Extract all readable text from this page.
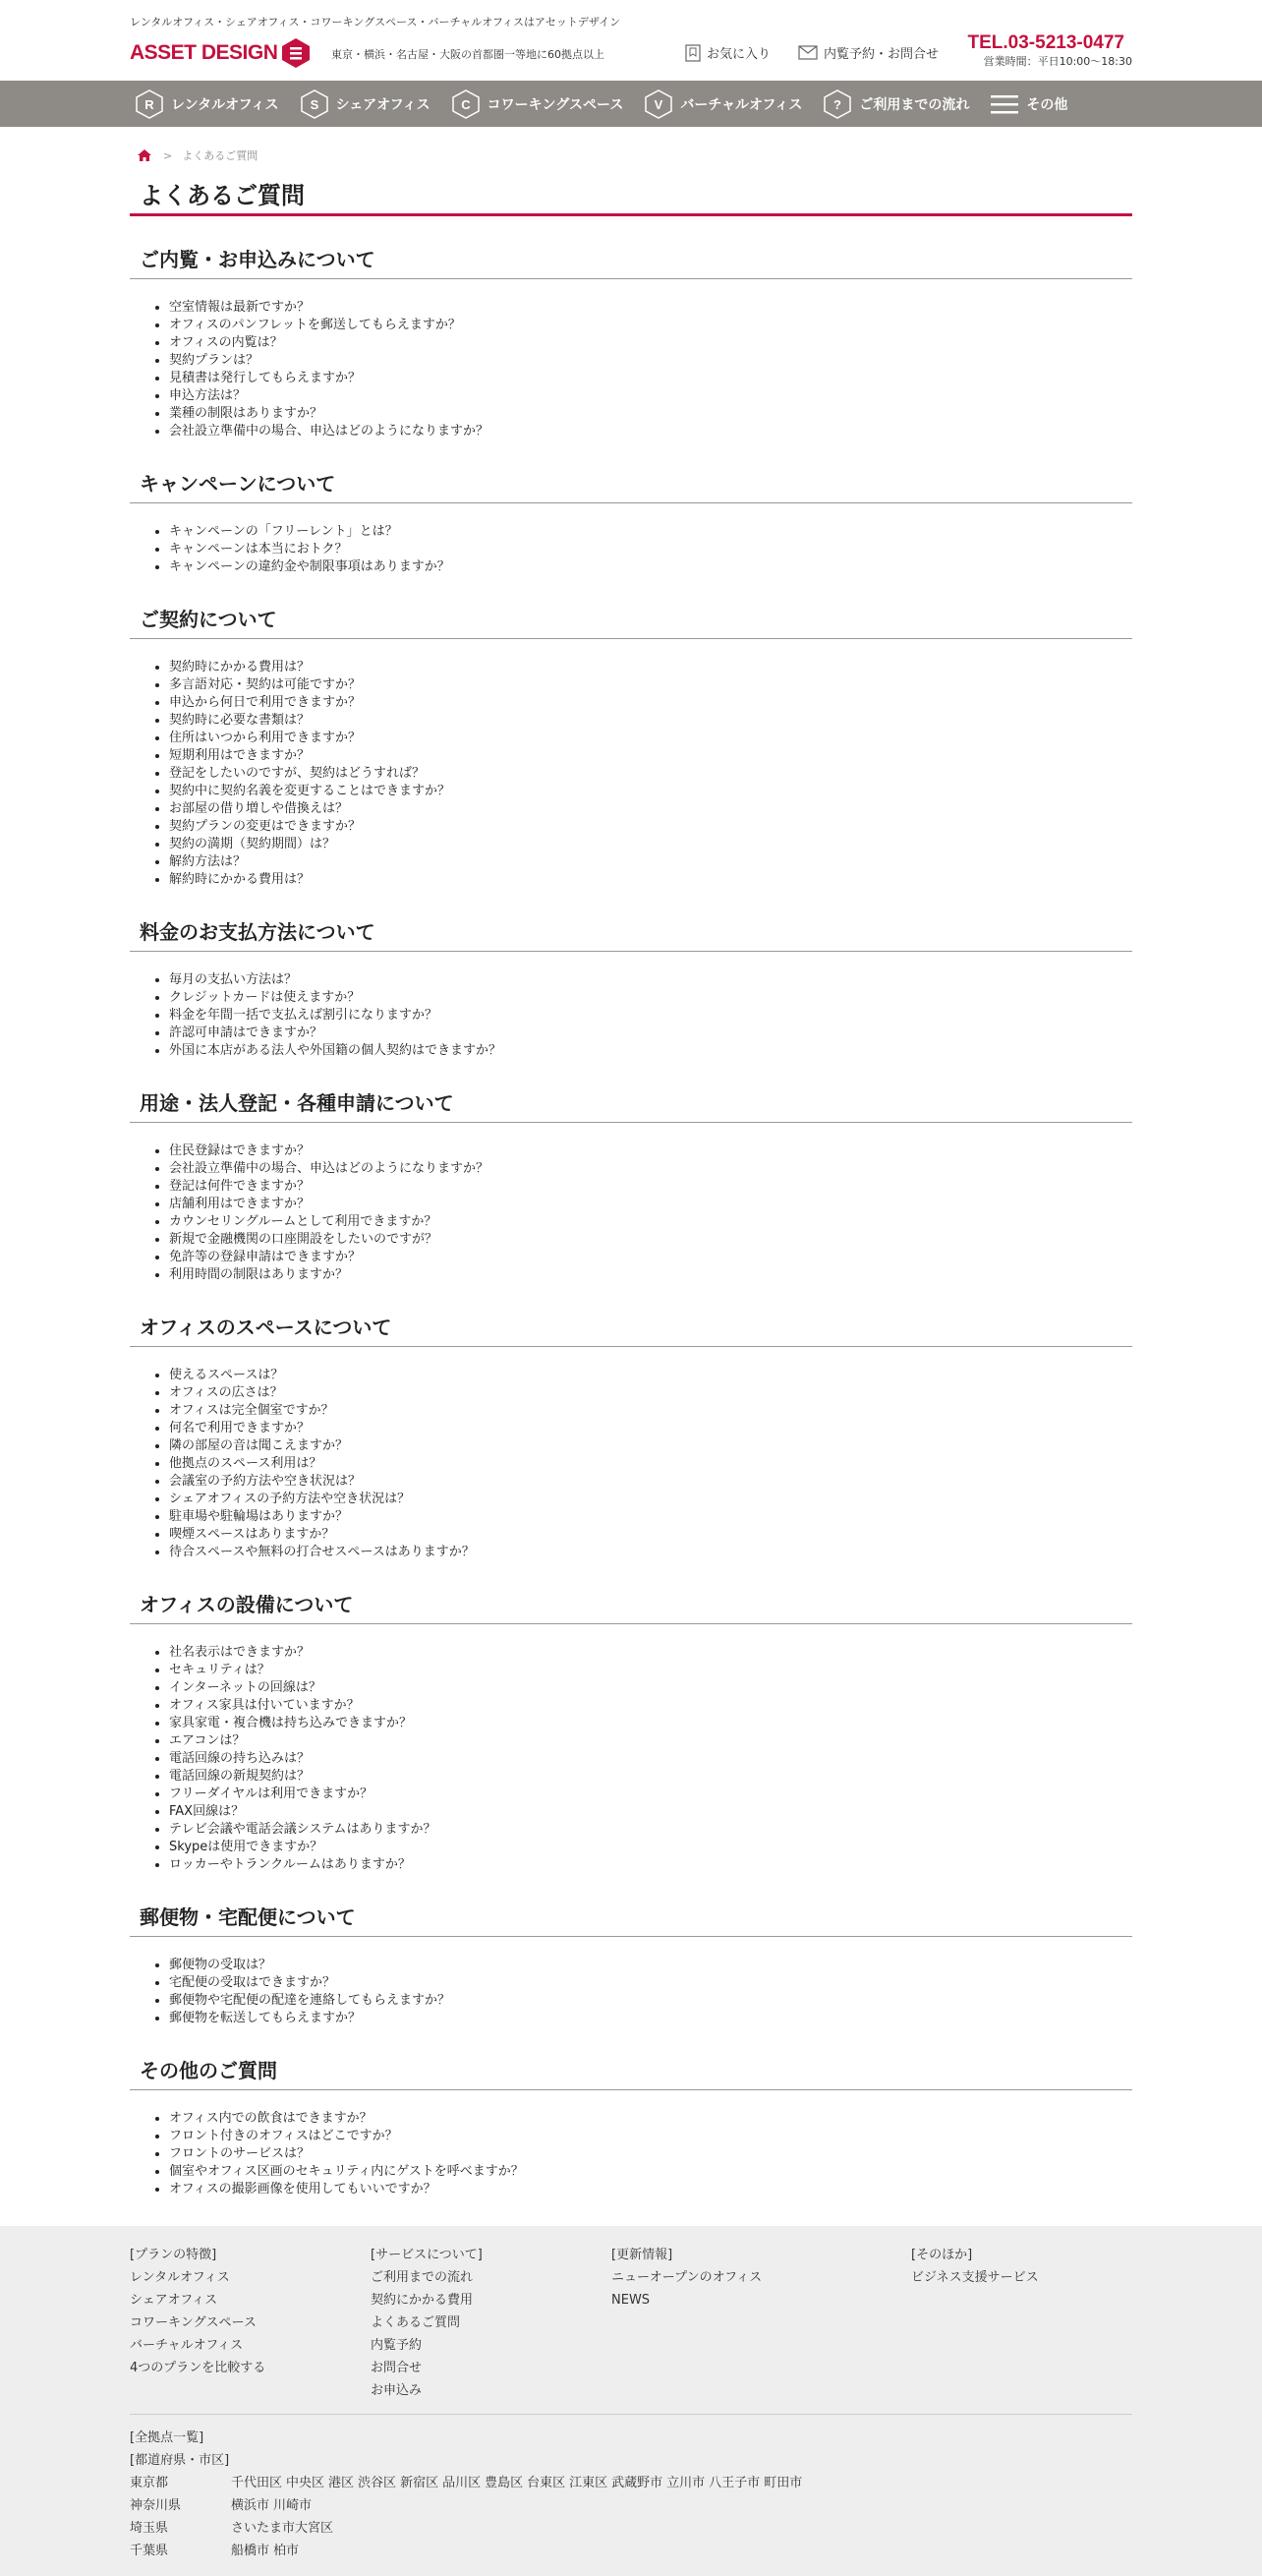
レンタルオフィス・シェアオフィス・コワーキングスペース・バーチャルオフィスはアセットデザイン
ASSET DESIGN	東京・横浜・名古屋・大阪の首都圏一等地に60拠点以上	お気に入り	内覧予約・お問合せ
TEL.03-5213-0477
営業時間：平日10:00～18:30
R レンタルオフィス S シェアオフィス C コワーキングスペース V バーチャルオフィス ? ご利用までの流れ	その他
> よくあるご質問
よくあるご質問
ご内覧・お申込みについて
• 空室情報は最新ですか？
• オフィスのパンフレットを郵送してもらえますか？
• オフィスの内覧は？
• 契約プランは？
• 見積書は発行してもらえますか？
• 申込方法は？
• 業種の制限はありますか？
• 会社設立準備中の場合、申込はどのようになりますか？
キャンペーンについて
• キャンペーンの「フリーレント」とは？
• キャンペーンは本当におトク？
• キャンペーンの違約金や制限事項はありますか？
ご契約について
• 契約時にかかる費用は？
• 多言語対応・契約は可能ですか？
• 申込から何日で利用できますか？
• 契約時に必要な書類は？
• 住所はいつから利用できますか？
• 短期利用はできますか？
• 登記をしたいのですが、契約はどうすれば？
• 契約中に契約名義を変更することはできますか？
• お部屋の借り増しや借換えは？
• 契約プランの変更はできますか？
• 契約の満期（契約期間）は？
• 解約方法は？
• 解約時にかかる費用は？
料金のお支払方法について
• 毎月の支払い方法は？
• クレジットカードは使えますか？
• 料金を年間一括で支払えば割引になりますか？
• 許認可申請はできますか？
• 外国に本店がある法人や外国籍の個人契約はできますか？
用途・法人登記・各種申請について
• 住民登録はできますか？
• 会社設立準備中の場合、申込はどのようになりますか？
• 登記は何件できますか？
• 店舗利用はできますか？
• カウンセリングルームとして利用できますか？
• 新規で金融機関の口座開設をしたいのですが？
• 免許等の登録申請はできますか？
• 利用時間の制限はありますか？
オフィスのスペースについて
• 使えるスペースは？
• オフィスの広さは？
• オフィスは完全個室ですか？
• 何名で利用できますか？
• 隣の部屋の音は聞こえますか？
• 他拠点のスペース利用は？
• 会議室の予約方法や空き状況は？
• シェアオフィスの予約方法や空き状況は？
• 駐車場や駐輪場はありますか？
• 喫煙スペースはありますか？
• 待合スペースや無料の打合せスペースはありますか？
オフィスの設備について
• 社名表示はできますか？
• セキュリティは？
• インターネットの回線は？
• オフィス家具は付いていますか？
• 家具家電・複合機は持ち込みできますか？
• エアコンは？
• 電話回線の持ち込みは？
• 電話回線の新規契約は？
• フリーダイヤルは利用できますか？
• FAX回線は？
• テレビ会議や電話会議システムはありますか？
• Skypeは使用できますか？
• ロッカーやトランクルームはありますか？
郵便物・宅配便について
• 郵便物の受取は？
• 宅配便の受取はできますか？
• 郵便物や宅配便の配達を連絡してもらえますか？
• 郵便物を転送してもらえますか？
その他のご質問
• オフィス内での飲食はできますか？
• フロント付きのオフィスはどこですか？
• フロントのサービスは？
• 個室やオフィス区画のセキュリティ内にゲストを呼べますか？
• オフィスの撮影画像を使用してもいいですか？
[プランの特徴]
レンタルオフィス
シェアオフィス
コワーキングスペース
バーチャルオフィス
4つのプランを比較する
[サービスについて]
ご利用までの流れ
契約にかかる費用
よくあるご質問
内覧予約
お問合せ
お申込み
[更新情報]
ニューオープンのオフィス
NEWS
[そのほか]
ビジネス支援サービス
[全拠点一覧]
[都道府県・市区]
東京都	千代田区 中央区 港区 渋谷区 新宿区 品川区 豊島区 台東区 江東区 武蔵野市 立川市 八王子市 町田市
神奈川県	横浜市 川崎市
埼玉県	さいたま市大宮区
千葉県	船橋市 柏市
